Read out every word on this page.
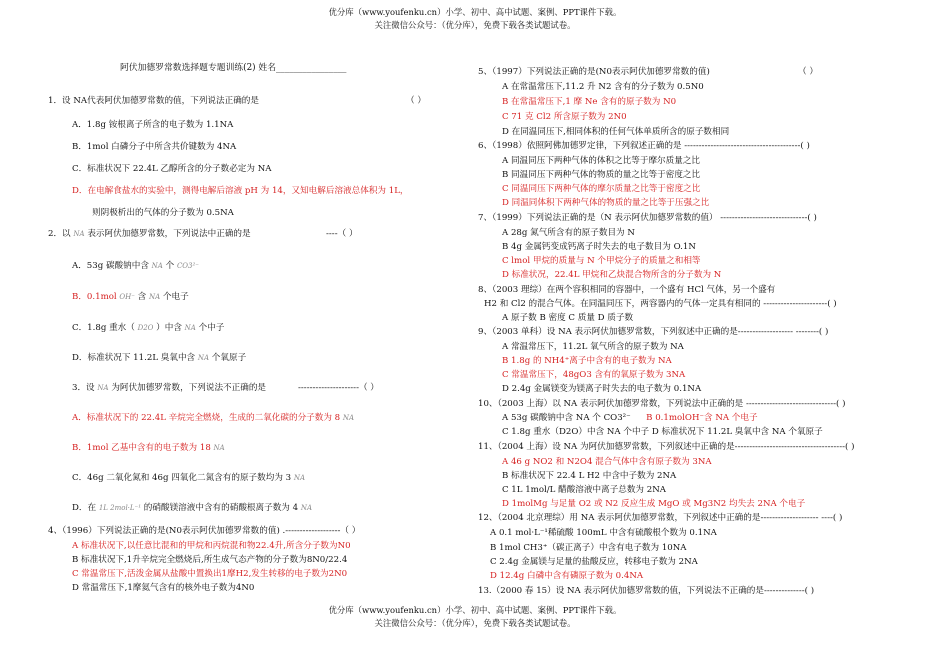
优分库（www.youfenku.cn）小学、初中、高中试题、案例、PPT课件下载。
关注微信公众号：（优分库），免费下载各类试题试卷。
阿伏加德罗常数选择题专题训练(2) 姓名________________
1．设 NA代表阿伏加德罗常数的值，下列说法正确的是	（ ）
A．1.8g 铵根离子所含的电子数为 1.1NA
B．1mol 白磷分子中所含共价键数为 4NA
C．标准状况下 22.4L 乙醇所含的分子数必定为 NA
D．在电解食盐水的实验中，测得电解后溶液 pH 为 14，又知电解后溶液总体积为 1L，
则阴极析出的气体的分子数为 0.5NA
2．以 NA 表示阿伏加德罗常数，下列说法中正确的是	----（ ）
A．53g 碳酸钠中含 NA 个 CO3²⁻
B．0.1mol OH⁻ 含 NA 个电子
C．1.8g 重水（ D2O ）中含 NA 个中子
D．标准状况下 11.2L 臭氧中含 NA 个氧原子
3．设 NA 为阿伏加德罗常数，下列说法不正确的是	---------------------（ ）
A．标准状况下的 22.4L 辛烷完全燃烧，生成的二氧化碳的分子数为 8 NA
B．1mol 乙基中含有的电子数为 18 NA
C．46g 二氧化氮和 46g 四氧化二氮含有的原子数均为 3 NA
D．在 1L 2mol·L⁻¹ 的硝酸镁溶液中含有的硝酸根离子数为 4 NA
4、（1996）下列说法正确的是(N0表示阿伏加德罗常数的值) .-------------------（ ）
A 标准状况下,以任意比混和的甲烷和丙烷混和物22.4升,所含分子数为N0
B 标准状况下,1升辛烷完全燃烧后,所生成气态产物的分子数为8N0/22.4
C 常温常压下,活泼金属从盐酸中置换出1摩H2,发生转移的电子数为2N0
D 常温常压下,1摩氦气含有的核外电子数为4N0
5、（1997）下列说法正确的是(N0表示阿伏加德罗常数的值)	（ ）
A 在常温常压下,11.2 升 N2 含有的分子数为 0.5N0
B 在常温常压下,1 摩 Ne 含有的原子数为 N0
C 71 克 Cl2 所含原子数为 2N0
D 在同温同压下,相同体积的任何气体单质所含的原子数相同
6、（1998）依照阿佛加德罗定律，下列叙述正确的是 ----------------------------------------( )
A 同温同压下两种气体的体积之比等于摩尔质量之比
B 同温同压下两种气体的物质的量之比等于密度之比
C 同温同压下两种气体的摩尔质量之比等于密度之比
D 同温同体积下两种气体的物质的量之比等于压强之比
7、（1999）下列说法正确的是（N 表示阿伏加德罗常数的值） ------------------------------( )
A 28g 氮气所含有的原子数目为 N
B 4g 金属钙变成钙离子时失去的电子数目为 O.1N
C lmol 甲烷的质量与 N 个甲烷分子的质量之和相等
D 标准状况，22.4L 甲烷和乙炔混合物所含的分子数为 N
8、（2003 理综）在两个容积相同的容器中，一个盛有 HCl 气体，另一个盛有
H2 和 Cl2 的混合气体。在同温同压下，两容器内的气体一定具有相同的 ----------------------( )
A 原子数 B 密度 C 质量 D 质子数
9、（2003 单科）设 NA 表示阿伏加德罗常数，下列叙述中正确的是------------------- --------( )
A 常温常压下，11.2L 氧气所含的原子数为 NA
B 1.8g 的 NH4⁺离子中含有的电子数为 NA
C 常温常压下，48gO3 含有的氧原子数为 3NA
D 2.4g 金属镁变为镁离子时失去的电子数为 0.1NA
10、（2003 上海）以 NA 表示阿伏加德罗常数，下列说法中正确的是 -------------------------------( )
A 53g 碳酸钠中含 NA 个 CO3²⁻ B 0.1molOH⁻含 NA 个电子
C 1.8g 重水（D2O）中含 NA 个中子 D 标准状况下 11.2L 臭氧中含 NA 个氧原子
11、（2004 上海）设 NA 为阿伏加德罗常数，下列叙述中正确的是--------------------------------------( )
A 46 g NO2 和 N2O4 混合气体中含有原子数为 3NA
B 标准状况下 22.4 L H2 中含中子数为 2NA
C 1L 1mol/L 醋酸溶液中离子总数为 2NA
D 1molMg 与足量 O2 或 N2 反应生成 MgO 或 Mg3N2 均失去 2NA 个电子
12、（2004 北京理综）用 NA 表示阿伏加德罗常数，下列叙述中正确的是-------------------- ----( )
A 0.1 mol·L⁻¹稀硫酸 100mL 中含有硫酸根个数为 0.1NA
B 1mol CH3⁺（碳正离子）中含有电子数为 10NA
C 2.4g 金属镁与足量的盐酸反应，转移电子数为 2NA
D 12.4g 白磷中含有磷原子数为 0.4NA
13.（2000 春 15）设 NA 表示阿伏加德罗常数的值，下列说法不正确的是--------------( )
优分库（www.youfenku.cn）小学、初中、高中试题、案例、PPT课件下载。
关注微信公众号：（优分库），免费下载各类试题试卷。
